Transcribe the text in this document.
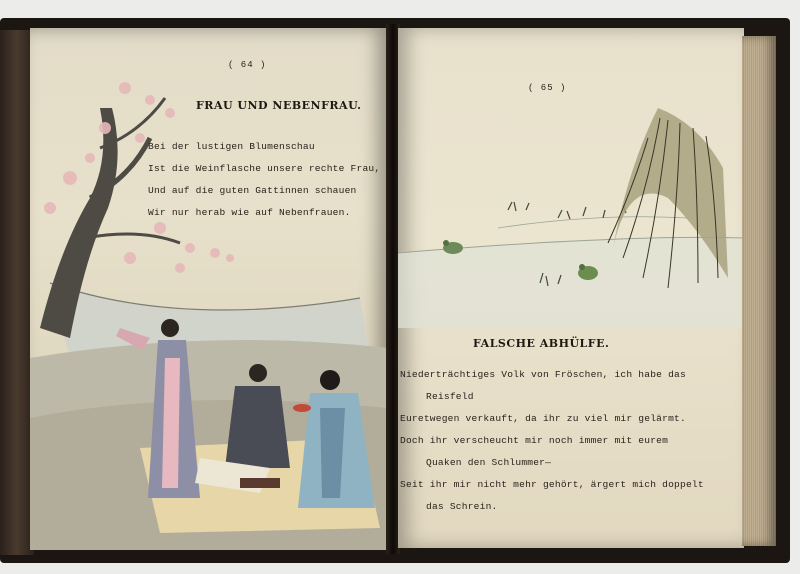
( 64 )
FRAU UND NEBENFRAU.
Bei der lustigen Blumenschau
Ist die Weinflasche unsere rechte Frau,
Und auf die guten Gattinnen schauen
Wir nur herab wie auf Nebenfrauen.
( 65 )
FALSCHE ABHÜLFE.
Niederträchtiges Volk von Fröschen, ich habe das
Reisfeld
Euretwegen verkauft, da ihr zu viel mir gelärmt.
Doch ihr verscheucht mir noch immer mit eurem
Quaken den Schlummer—
Seit ihr mir nicht mehr gehört, ärgert mich doppelt
das Schrein.
